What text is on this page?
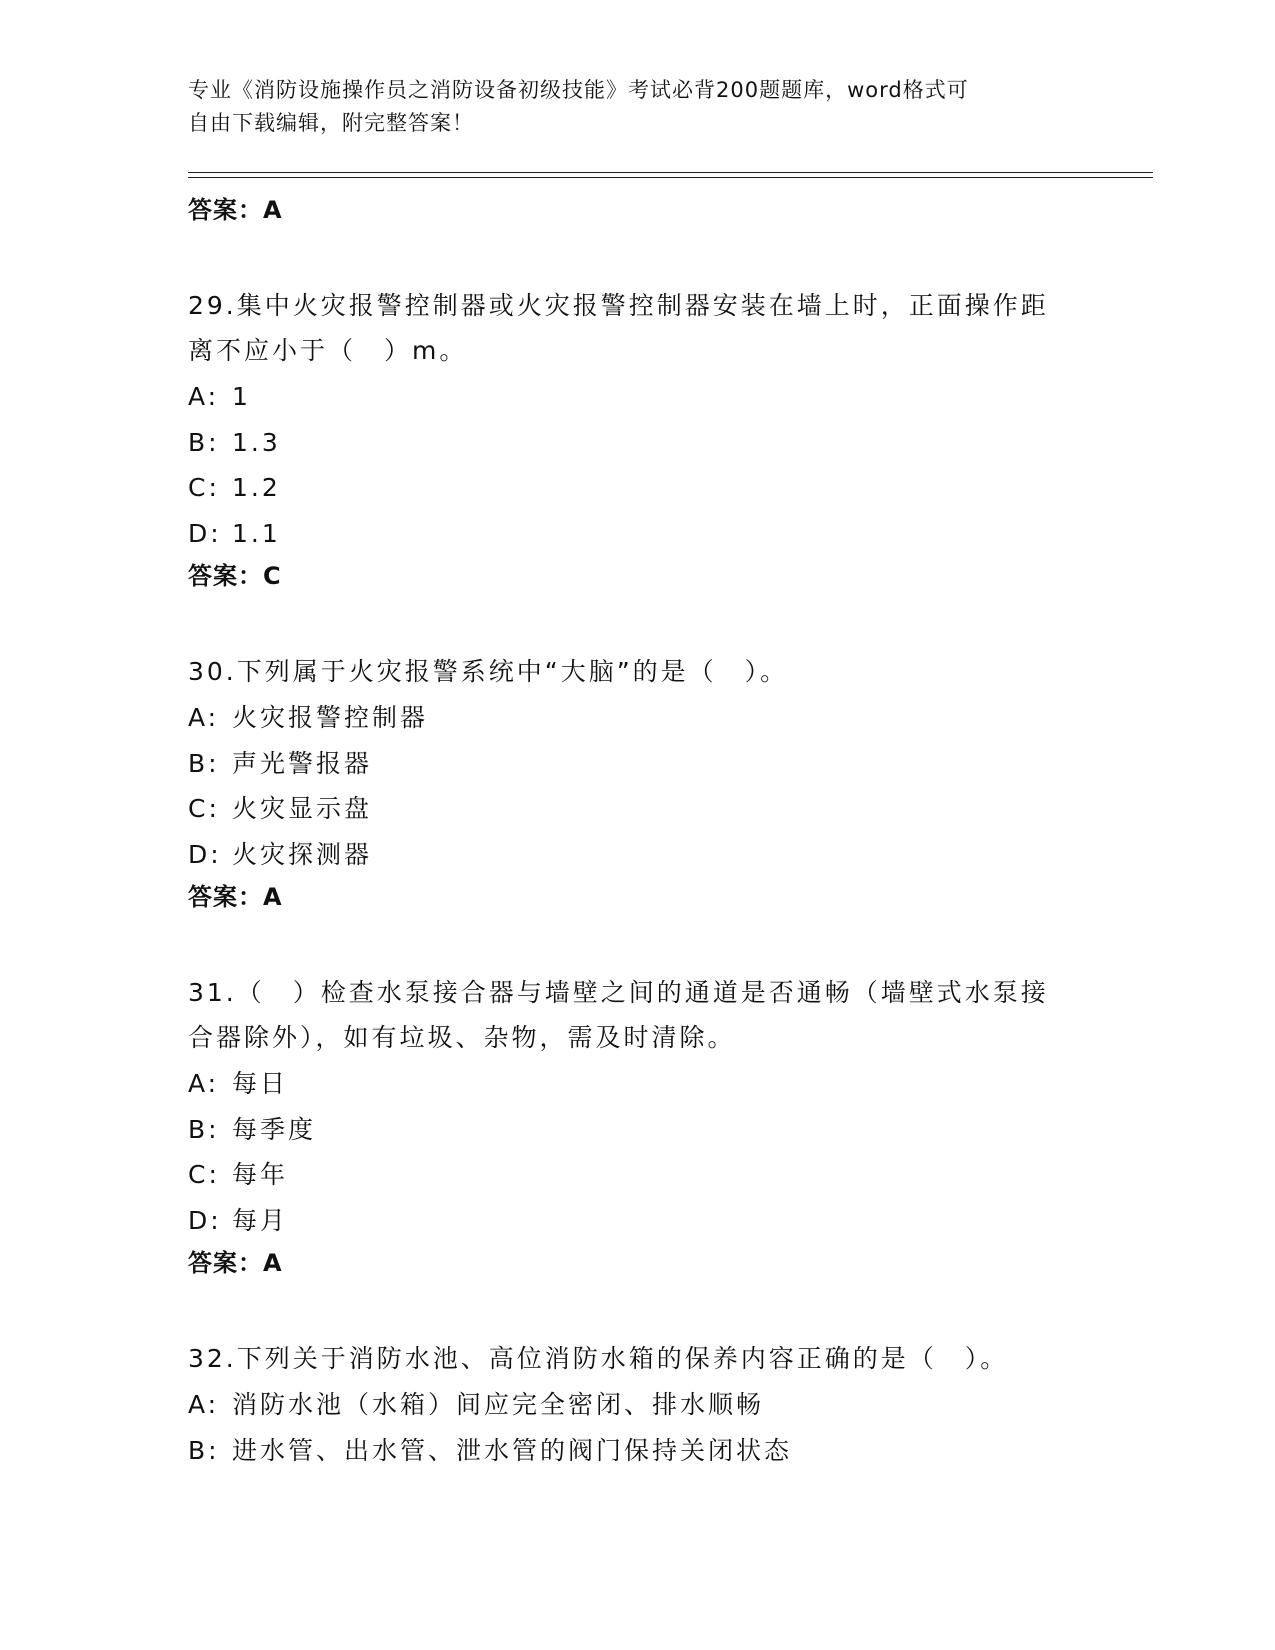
专业《消防设施操作员之消防设备初级技能》考试必背200题题库，word格式可
自由下载编辑，附完整答案！
答案：A
29.集中火灾报警控制器或火灾报警控制器安装在墙上时，正面操作距
离不应小于（　）m。
A: 1
B: 1.3
C: 1.2
D: 1.1
答案：C
30.下列属于火灾报警系统中“大脑”的是（　）。
A: 火灾报警控制器
B: 声光警报器
C: 火灾显示盘
D: 火灾探测器
答案：A
31.（　）检查水泵接合器与墙壁之间的通道是否通畅（墙壁式水泵接
合器除外），如有垃圾、杂物，需及时清除。
A: 每日
B: 每季度
C: 每年
D: 每月
答案：A
32.下列关于消防水池、高位消防水箱的保养内容正确的是（　）。
A: 消防水池（水箱）间应完全密闭、排水顺畅
B: 进水管、出水管、泄水管的阀门保持关闭状态
